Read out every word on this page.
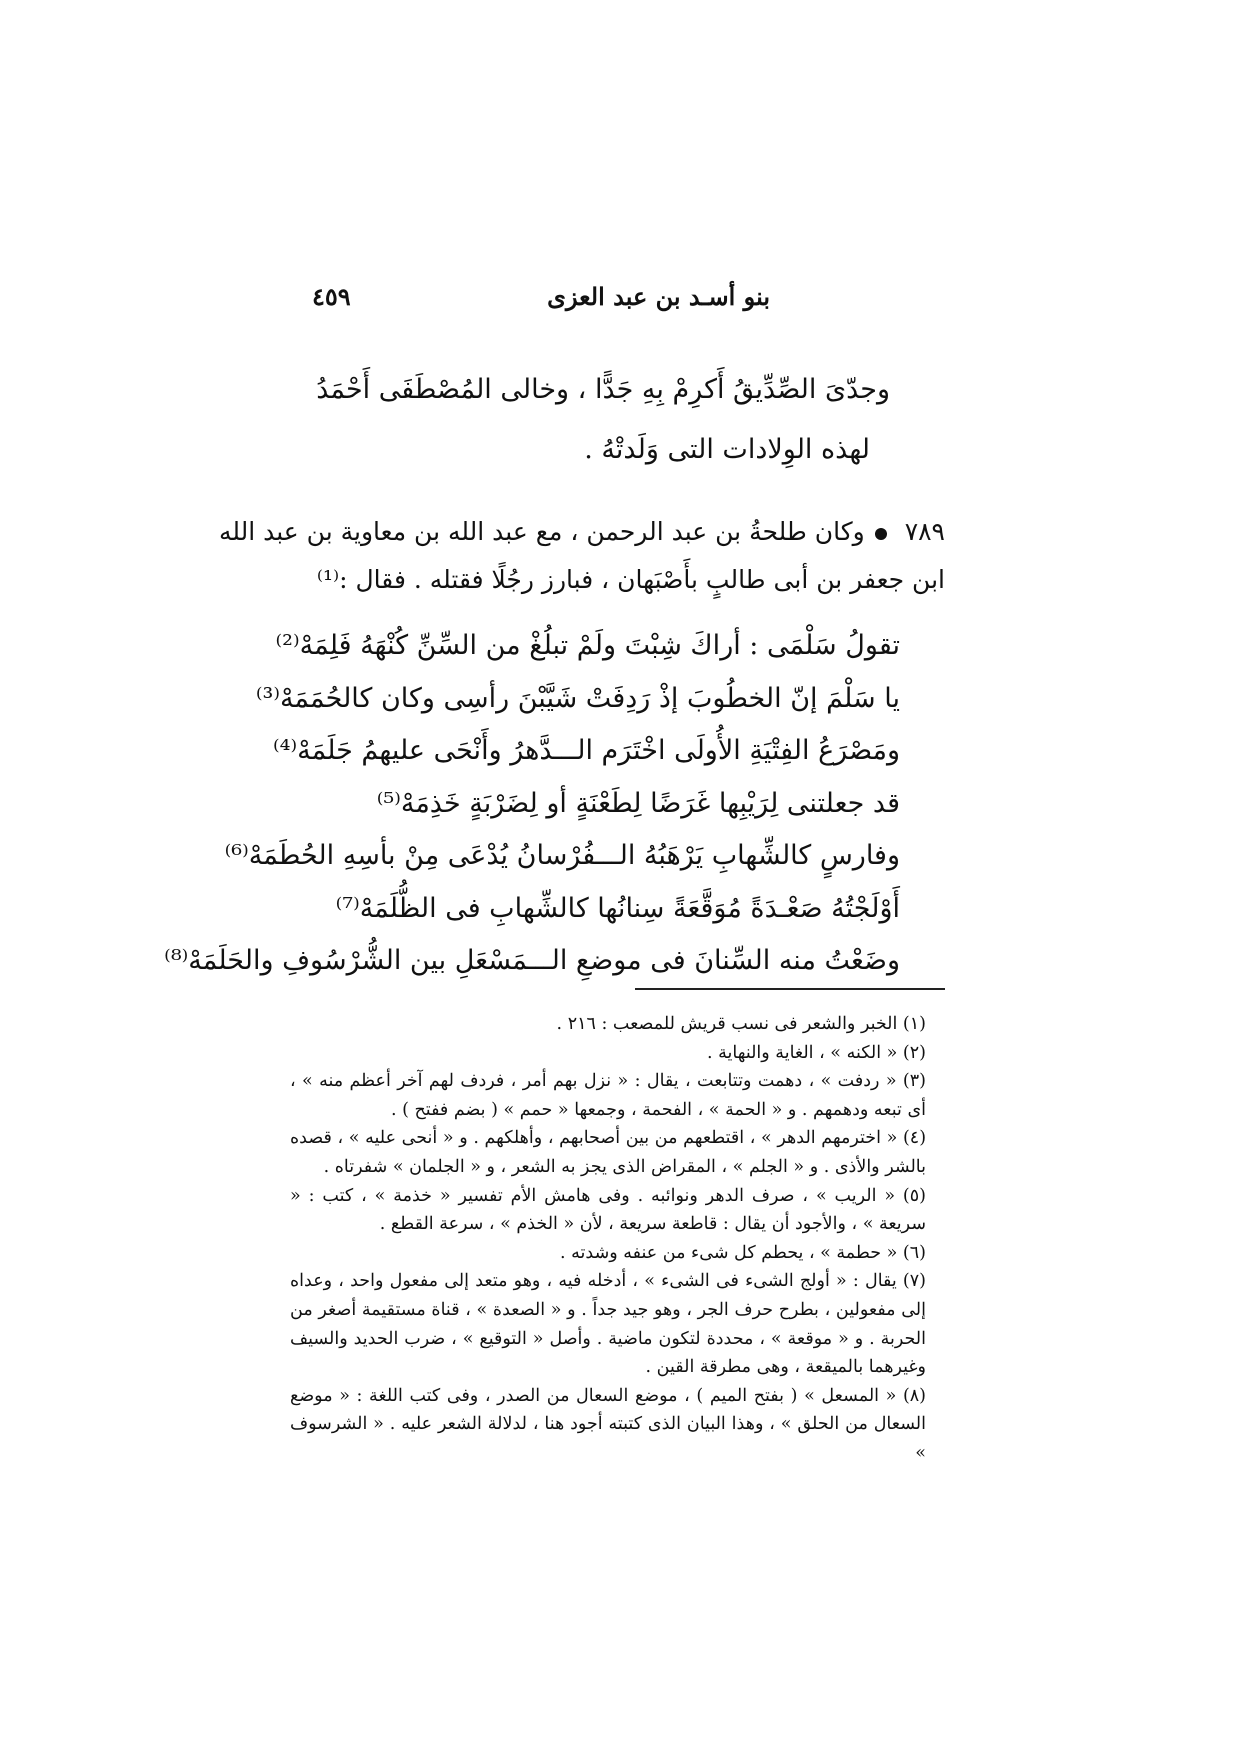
بنو أسـد بن عبد العزى
٤٥٩
وجدّىَ الصِّدِّيقُ أَكرِمْ بِهِ جَدًّا ، وخالى المُصْطَفَى أَحْمَدُ
لهذه الوِلادات التى وَلَدتْهُ .
٧٨٩وكان طلحةُ بن عبد الرحمن ، مع عبد الله بن معاوية بن عبد الله
ابن جعفر بن أبى طالبٍ بأَصْبَهان ، فبارز رجُلًا فقتله . فقال :⁽¹⁾
تقولُ سَلْمَى : أراكَ شِبْتَ ولَمْ تبلُغْ من السِّنِّ كُنْهَهُ فَلِمَهْ⁽²⁾
يا سَلْمَ إنّ الخطُوبَ إذْ رَدِفَتْ شَيَّبْنَ رأسِى وكان كالحُمَمَهْ⁽³⁾
ومَصْرَعُ الفِتْيَةِ الأُولَى اخْتَرَم الـــدَّهرُ وأَنْحَى عليهمُ جَلَمَهْ⁽⁴⁾
قد جعلتنى لِرَيْبِها غَرَضًا لِطَعْنَةٍ أو لِضَرْبَةٍ خَذِمَهْ⁽⁵⁾
وفارسٍ كالشِّهابِ يَرْهَبُهُ الـــفُرْسانُ يُدْعَى مِنْ بأسِهِ الحُطَمَهْ⁽⁶⁾
أَوْلَجْتُهُ صَعْـدَةً مُوَقَّعَةً سِنانُها كالشِّهابِ فى الظُّلَمَهْ⁽⁷⁾
وضَعْتُ منه السِّنانَ فى موضعِ الـــمَسْعَلِ بين الشُّرْسُوفِ والحَلَمَهْ⁽⁸⁾
(١) الخبر والشعر فى نسب قريش للمصعب : ٢١٦ .
(٢) « الكنه » ، الغاية والنهاية .
(٣) « ردفت » ، دهمت وتتابعت ، يقال : « نزل بهم أمر ، فردف لهم آخر أعظم منه » ، أى تبعه ودهمهم . و « الحمة » ، الفحمة ، وجمعها « حمم » ( بضم ففتح ) .
(٤) « اخترمهم الدهر » ، اقتطعهم من بين أصحابهم ، وأهلكهم . و « أنحى عليه » ، قصده بالشر والأذى . و « الجلم » ، المقراض الذى يجز به الشعر ، و « الجلمان » شفرتاه .
(٥) « الريب » ، صرف الدهر ونوائبه . وفى هامش الأم تفسير « خذمة » ، كتب : « سريعة » ، والأجود أن يقال : قاطعة سريعة ، لأن « الخذم » ، سرعة القطع .
(٦) « حطمة » ، يحطم كل شىء من عنفه وشدته .
(٧) يقال : « أولج الشىء فى الشىء » ، أدخله فيه ، وهو متعد إلى مفعول واحد ، وعداه إلى مفعولين ، بطرح حرف الجر ، وهو جيد جداً . و « الصعدة » ، قناة مستقيمة أصغر من الحربة . و « موقعة » ، محددة لتكون ماضية . وأصل « التوقيع » ، ضرب الحديد والسيف وغيرهما بالميقعة ، وهى مطرقة القين .
(٨) « المسعل » ( بفتح الميم ) ، موضع السعال من الصدر ، وفى كتب اللغة : « موضع السعال من الحلق » ، وهذا البيان الذى كتبته أجود هنا ، لدلالة الشعر عليه . « الشرسوف »
